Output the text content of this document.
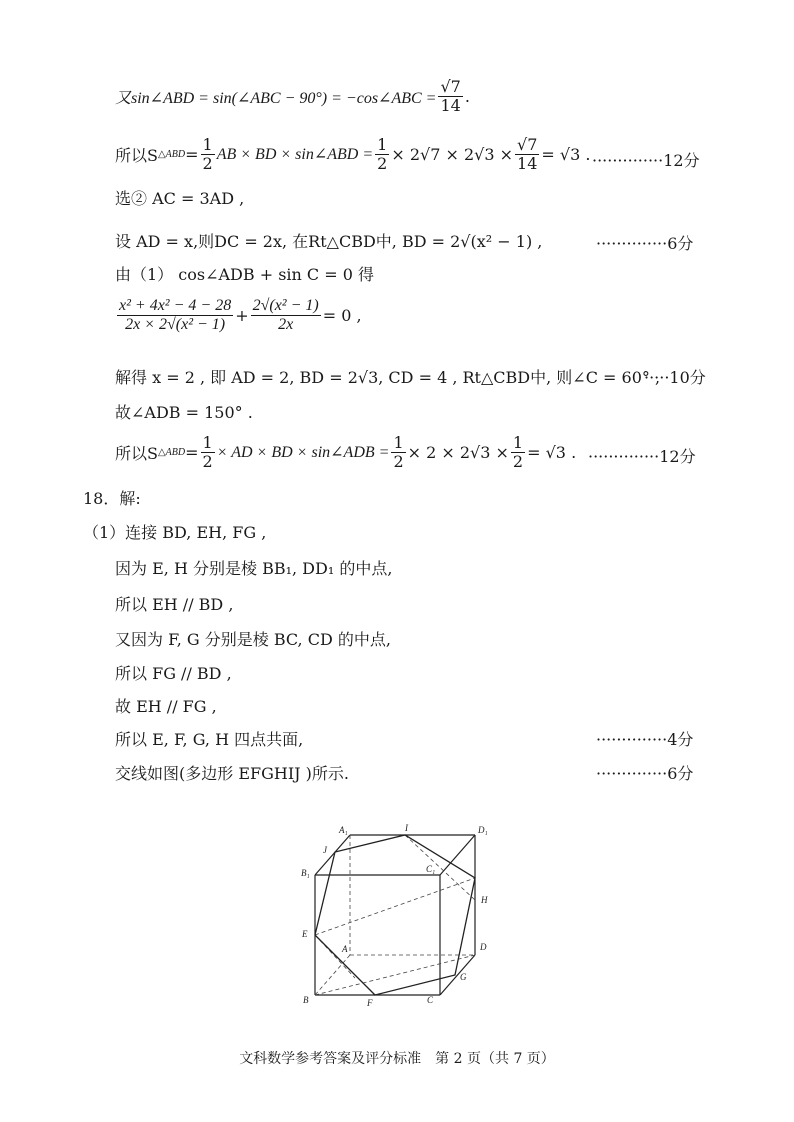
又sin∠ABD = sin(∠ABC − 90°) = −cos∠ABC = $\frac{√7}{14}$ .
所以S △ABD = $\frac{1}{2}$ AB × BD × sin∠ABD = $\frac{1}{2} \times 2√7 \times 2√3 \times \frac{√7}{14} = √3$ . ··············12分
选② AC = 3AD ,
设 AD = x,则DC = 2x, 在Rt△CBD中, BD = 2√(x² − 1) ,	··············6分
由（1） cos∠ADB + sin C = 0 得
$\frac{\text{x² + 4x² − 4 − 28}}{\text{2x × 2√(x² − 1)}} + \frac{\text{2√(x² − 1)}}{2x} = 0$ ,
解得 x = 2 , 即 AD = 2, BD = 2√3, CD = 4 , Rt△CBD中, 则∠C = 60° ,
·····10分
故∠ADB = 150° .
所以S △ABD = $\frac{1}{2}$ × AD × BD × sin∠ADB = $\frac{1}{2} \times 2 \times 2√3 \times \frac{1}{2} = √3$ . ··············12分
18．解:
（1）连接 BD, EH, FG ,
因为 E, H 分别是棱 BB₁, DD₁ 的中点,
所以 EH // BD ,
又因为 F, G 分别是棱 BC, CD 的中点,
所以 FG // BD ,
故 EH // FG ,
所以 E, F, G, H 四点共面,	··············4分
交线如图(多边形 EFGHIJ )所示.	··············6分
A₁	I	D₁
J
B₁	C₁
H
E
A	D
G
B	F	C
文科数学参考答案及评分标准　第 2 页（共 7 页）
